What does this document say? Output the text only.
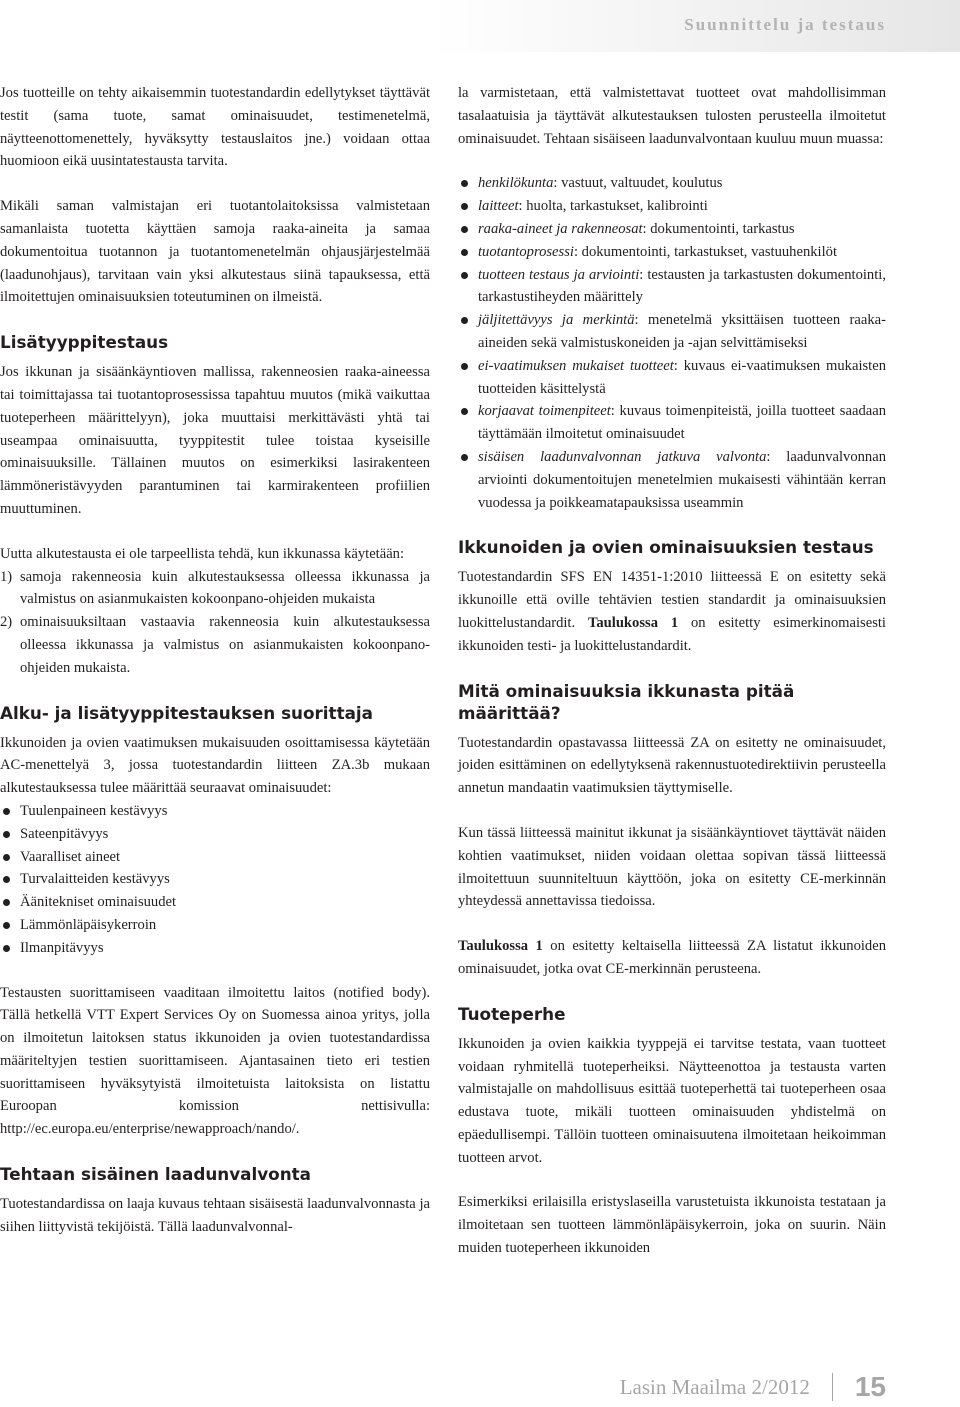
Suunnittelu ja testaus

Jos tuotteille on tehty aikaisemmin tuotestandardin edellytykset täyttävät testit (sama tuote, samat ominaisuudet, testimenetelmä, näytteenottomenettely, hyväksytty testauslaitos jne.) voidaan ottaa huomioon eikä uusintatestausta tarvita.

Mikäli saman valmistajan eri tuotantolaitoksissa valmistetaan samanlaista tuotetta käyttäen samoja raaka-aineita ja samaa dokumentoitua tuotannon ja tuotantomenetelmän ohjausjärjestelmää (laadunohjaus), tarvitaan vain yksi alkutestaus siinä tapauksessa, että ilmoitettujen ominaisuuksien toteutuminen on ilmeistä.

Lisätyyppitestaus

Jos ikkunan ja sisäänkäyntioven mallissa, rakenneosien raaka-aineessa tai toimittajassa tai tuotantoprosessissa tapahtuu muutos (mikä vaikuttaa tuoteperheen määrittelyyn), joka muuttaisi merkittävästi yhtä tai useampaa ominaisuutta, tyyppitestit tulee toistaa kyseisille ominaisuuksille. Tällainen muutos on esimerkiksi lasirakenteen lämmöneristävyyden parantuminen tai karmirakenteen profiilien muuttuminen.

Uutta alkutestausta ei ole tarpeellista tehdä, kun ikkunassa käytetään:

1) samoja rakenneosia kuin alkutestauksessa olleessa ikkunassa ja valmistus on asianmukaisten kokoonpano-ohjeiden mukaista
2) ominaisuuksiltaan vastaavia rakenneosia kuin alkutestauksessa olleessa ikkunassa ja valmistus on asianmukaisten kokoonpano-ohjeiden mukaista.
Alku- ja lisätyyppitestauksen suorittaja

Ikkunoiden ja ovien vaatimuksen mukaisuuden osoittamisessa käytetään AC-menettelyä 3, jossa tuotestandardin liitteen ZA.3b mukaan alkutestauksessa tulee määrittää seuraavat ominaisuudet:

Tuulenpaineen kestävyys
Sateenpitävyys
Vaaralliset aineet
Turvalaitteiden kestävyys
Äänitekniset ominaisuudet
Lämmönläpäisykerroin
Ilmanpitävyys

Testausten suorittamiseen vaaditaan ilmoitettu laitos (notified body). Tällä hetkellä VTT Expert Services Oy on Suomessa ainoa yritys, jolla on ilmoitetun laitoksen status ikkunoiden ja ovien tuotestandardissa määriteltyjen testien suorittamiseen. Ajantasainen tieto eri testien suorittamiseen hyväksytyistä ilmoitetuista laitoksista on listattu Euroopan komission nettisivulla: http://ec.europa.eu/enterprise/newapproach/nando/.

Tehtaan sisäinen laadunvalvonta

Tuotestandardissa on laaja kuvaus tehtaan sisäisestä laadunvalvonnasta ja siihen liittyvistä tekijöistä. Tällä laadunvalvonnal-

la varmistetaan, että valmistettavat tuotteet ovat mahdollisimman tasalaatuisia ja täyttävät alkutestauksen tulosten perusteella ilmoitetut ominaisuudet. Tehtaan sisäiseen laadunvalvontaan kuuluu muun muassa:

henkilökunta: vastuut, valtuudet, koulutus
laitteet: huolta, tarkastukset, kalibrointi
raaka-aineet ja rakenneosat: dokumentointi, tarkastus
tuotantoprosessi: dokumentointi, tarkastukset, vastuuhenkilöt
tuotteen testaus ja arviointi: testausten ja tarkastusten dokumentointi, tarkastustiheyden määrittely
jäljitettävyys ja merkintä: menetelmä yksittäisen tuotteen raaka-aineiden sekä valmistuskoneiden ja -ajan selvittämiseksi
ei-vaatimuksen mukaiset tuotteet: kuvaus ei-vaatimuksen mukaisten tuotteiden käsittelystä
korjaavat toimenpiteet: kuvaus toimenpiteistä, joilla tuotteet saadaan täyttämään ilmoitetut ominaisuudet
sisäisen laadunvalvonnan jatkuva valvonta: laadunvalvonnan arviointi dokumentoitujen menetelmien mukaisesti vähintään kerran vuodessa ja poikkeamatapauksissa useammin
Ikkunoiden ja ovien ominaisuuksien testaus

Tuotestandardin SFS EN 14351-1:2010 liitteessä E on esitetty sekä ikkunoille että oville tehtävien testien standardit ja ominaisuuksien luokittelustandardit. Taulukossa 1 on esitetty esimerkinomaisesti ikkunoiden testi- ja luokittelustandardit.

Mitä ominaisuuksia ikkunasta pitää määrittää?

Tuotestandardin opastavassa liitteessä ZA on esitetty ne ominaisuudet, joiden esittäminen on edellytyksenä rakennustuotedirektiivin perusteella annetun mandaatin vaatimuksien täyttymiselle.

Kun tässä liitteessä mainitut ikkunat ja sisäänkäyntiovet täyttävät näiden kohtien vaatimukset, niiden voidaan olettaa sopivan tässä liitteessä ilmoitettuun suunniteltuun käyttöön, joka on esitetty CE-merkinnän yhteydessä annettavissa tiedoissa.

Taulukossa 1 on esitetty keltaisella liitteessä ZA listatut ikkunoiden ominaisuudet, jotka ovat CE-merkinnän perusteena.

Tuoteperhe

Ikkunoiden ja ovien kaikkia tyyppejä ei tarvitse testata, vaan tuotteet voidaan ryhmitellä tuoteperheiksi. Näytteenottoa ja testausta varten valmistajalle on mahdollisuus esittää tuoteperhettä tai tuoteperheen osaa edustava tuote, mikäli tuotteen ominaisuuden yhdistelmä on epäedullisempi. Tällöin tuotteen ominaisuutena ilmoitetaan heikoimman tuotteen arvot.

Esimerkiksi erilaisilla eristyslaseilla varustetuista ikkunoista testataan ja ilmoitetaan sen tuotteen lämmönläpäisykerroin, joka on suurin. Näin muiden tuoteperheen ikkunoiden

Lasin Maailma 2/2012 15
